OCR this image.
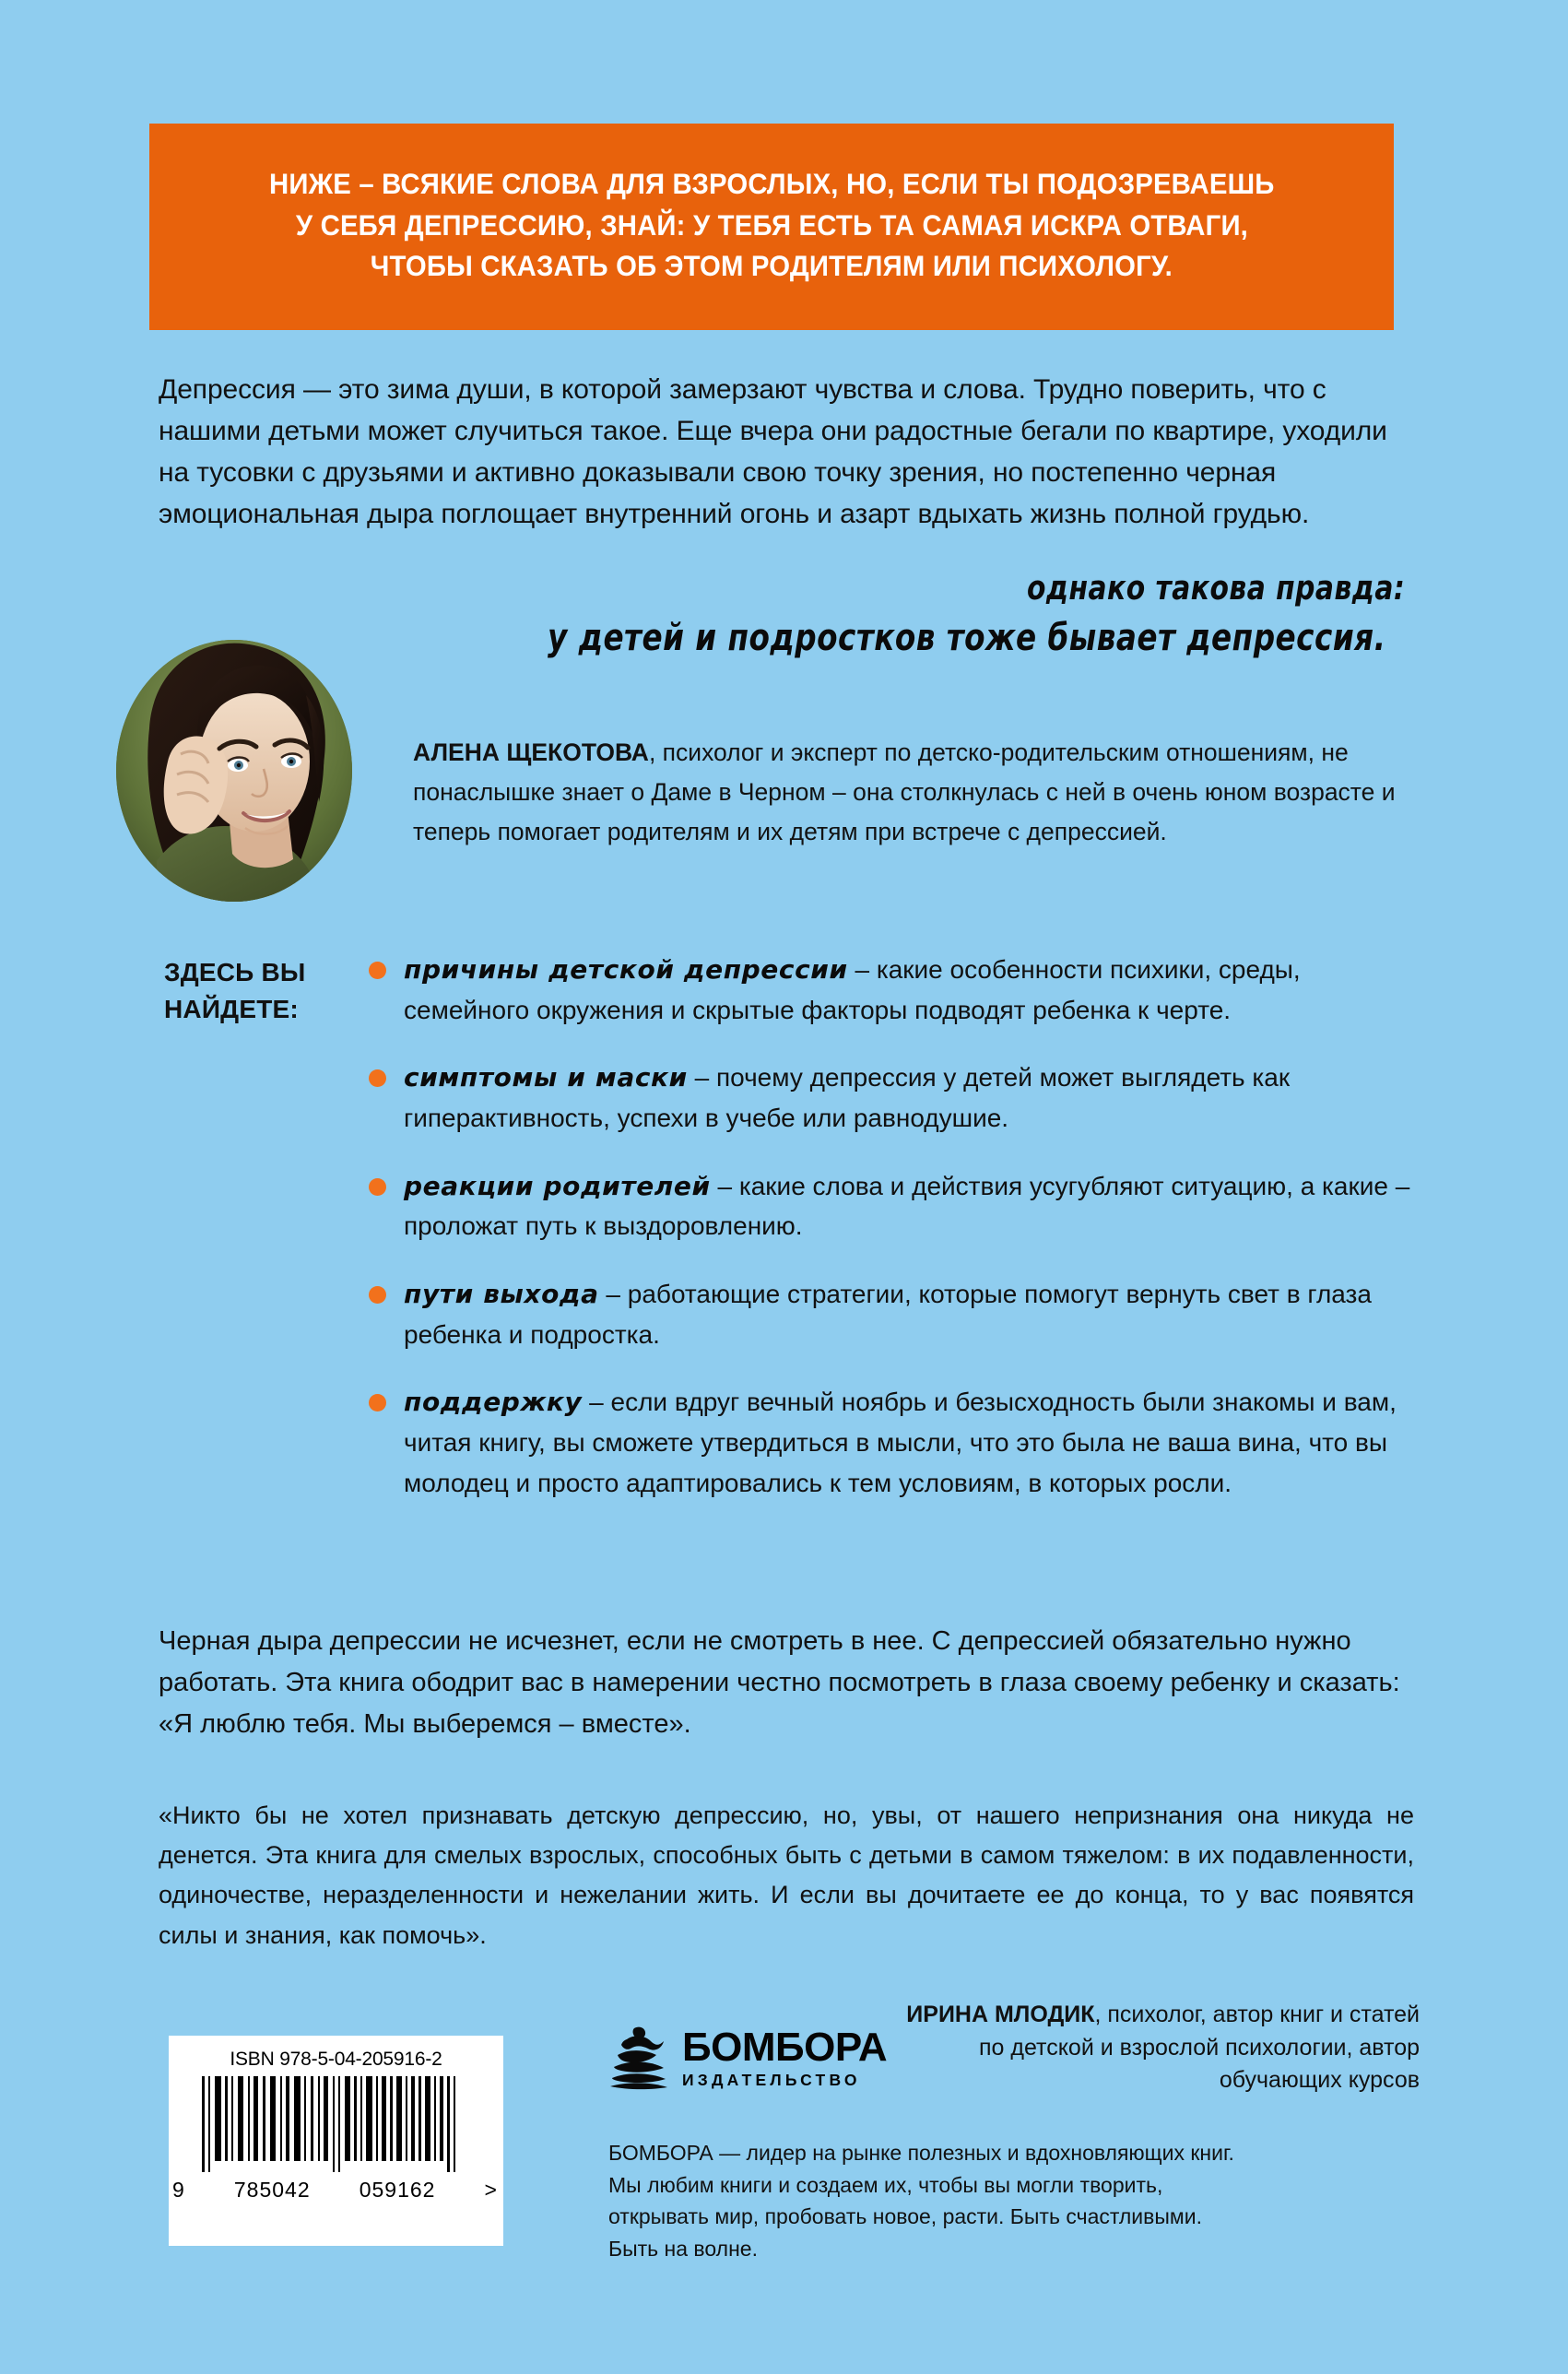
НИЖЕ – ВСЯКИЕ СЛОВА ДЛЯ ВЗРОСЛЫХ, НО, ЕСЛИ ТЫ ПОДОЗРЕВАЕШЬ
У СЕБЯ ДЕПРЕССИЮ, ЗНАЙ: У ТЕБЯ ЕСТЬ ТА САМАЯ ИСКРА ОТВАГИ,
ЧТОБЫ СКАЗАТЬ ОБ ЭТОМ РОДИТЕЛЯМ ИЛИ ПСИХОЛОГУ.
Депрессия — это зима души, в которой замерзают чувства и слова. Трудно поверить, что с нашими детьми может случиться такое. Еще вчера они радостные бегали по квартире, уходили на тусовки с друзьями и активно доказывали свою точку зрения, но постепенно черная эмоциональная дыра поглощает внутренний огонь и азарт вдыхать жизнь полной грудью.
однако такова правда:
у детей и подростков тоже бывает депрессия.
АЛЕНА ЩЕКОТОВА, психолог и эксперт по детско-родительским отношениям, не понаслышке знает о Даме в Черном – она столкнулась с ней в очень юном возрасте и теперь помогает родителям и их детям при встрече с депрессией.
ЗДЕСЬ ВЫ
НАЙДЕТЕ:
причины детской депрессии – какие особенности психики, среды, семейного окружения и скрытые факторы подводят ребенка к черте.
симптомы и маски – почему депрессия у детей может выглядеть как гиперактивность, успехи в учебе или равнодушие.
реакции родителей – какие слова и действия усугубляют ситуацию, а какие – проложат путь к выздоровлению.
пути выхода – работающие стратегии, которые помогут вернуть свет в глаза ребенка и подростка.
поддержку – если вдруг вечный ноябрь и безысходность были знакомы и вам, читая книгу, вы сможете утвердиться в мысли, что это была не ваша вина, что вы молодец и просто адаптировались к тем условиям, в которых росли.
Черная дыра депрессии не исчезнет, если не смотреть в нее. С депрессией обязательно нужно работать. Эта книга ободрит вас в намерении честно посмотреть в глаза своему ребенку и сказать: «Я люблю тебя. Мы выберемся – вместе».
«Никто бы не хотел признавать детскую депрессию, но, увы, от нашего непризнания она никуда не денется. Эта книга для смелых взрослых, способных быть с детьми в самом тяжелом: в их подавленности, одиночестве, неразделенности и нежелании жить. И если вы дочитаете ее до конца, то у вас появятся силы и знания, как помочь».
ИРИНА МЛОДИК, психолог, автор книг и статей по детской и взрослой психологии, автор обучающих курсов
ISBN 978-5-04-205916-2
9 785042 059162 >
БОМБОРА
ИЗДАТЕЛЬСТВО
БОМБОРА — лидер на рынке полезных и вдохновляющих книг. Мы любим книги и создаем их, чтобы вы могли творить, открывать мир, пробовать новое, расти. Быть счастливыми. Быть на волне.
